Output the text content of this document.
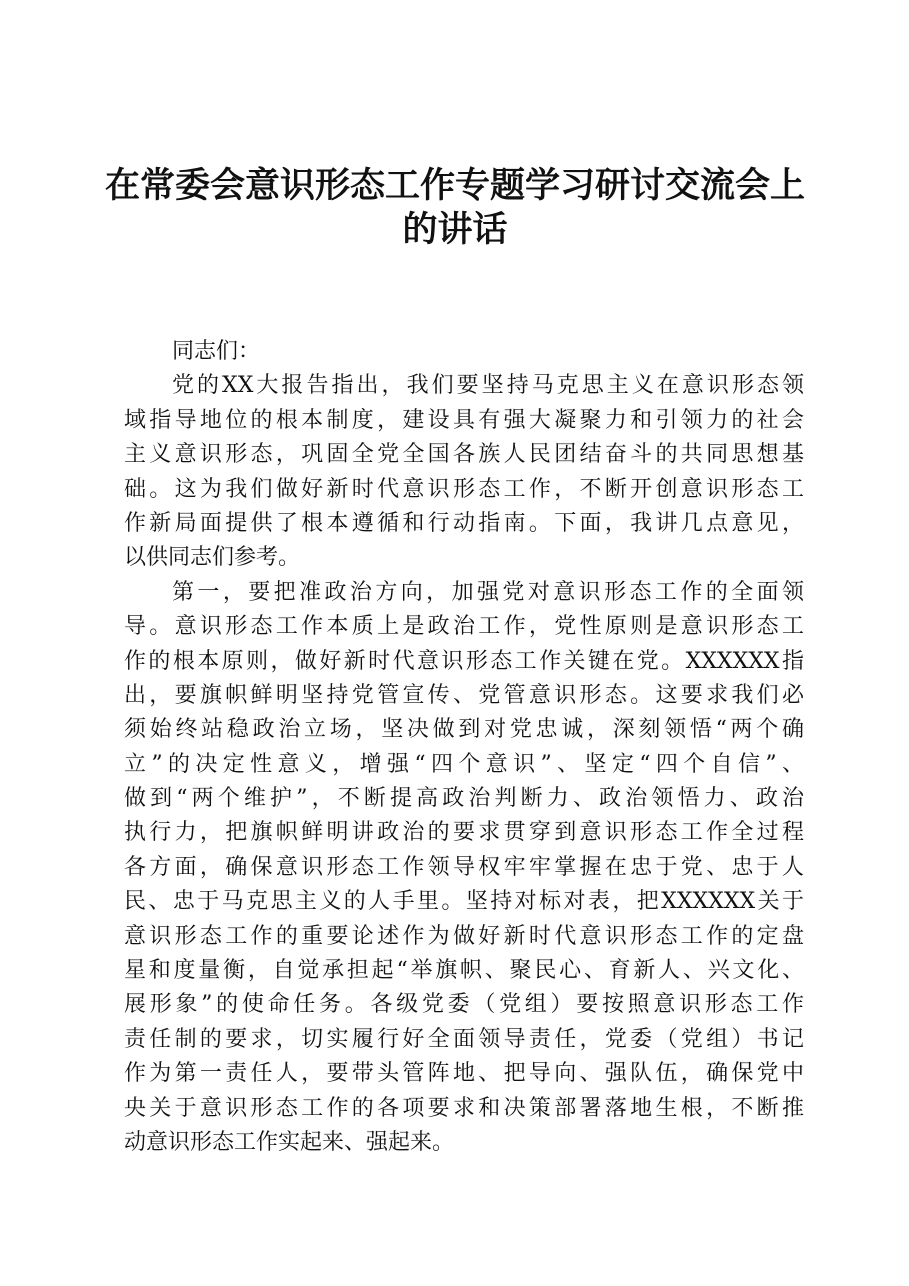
在常委会意识形态工作专题学习研讨交流会上
的讲话
同志们：
党的XX大报告指出，我们要坚持马克思主义在意识形态领
域指导地位的根本制度，建设具有强大凝聚力和引领力的社会
主义意识形态，巩固全党全国各族人民团结奋斗的共同思想基
础。这为我们做好新时代意识形态工作，不断开创意识形态工
作新局面提供了根本遵循和行动指南。下面，我讲几点意见，
以供同志们参考。
第一，要把准政治方向，加强党对意识形态工作的全面领
导。意识形态工作本质上是政治工作，党性原则是意识形态工
作的根本原则，做好新时代意识形态工作关键在党。XXXXXX指
出，要旗帜鲜明坚持党管宣传、党管意识形态。这要求我们必
须始终站稳政治立场，坚决做到对党忠诚，深刻领悟“两个确
立”的决定性意义，增强“四个意识”、坚定“四个自信”、
做到“两个维护”，不断提高政治判断力、政治领悟力、政治
执行力，把旗帜鲜明讲政治的要求贯穿到意识形态工作全过程
各方面，确保意识形态工作领导权牢牢掌握在忠于党、忠于人
民、忠于马克思主义的人手里。坚持对标对表，把XXXXXX关于
意识形态工作的重要论述作为做好新时代意识形态工作的定盘
星和度量衡，自觉承担起“举旗帜、聚民心、育新人、兴文化、
展形象”的使命任务。各级党委（党组）要按照意识形态工作
责任制的要求，切实履行好全面领导责任，党委（党组）书记
作为第一责任人，要带头管阵地、把导向、强队伍，确保党中
央关于意识形态工作的各项要求和决策部署落地生根，不断推
动意识形态工作实起来、强起来。
